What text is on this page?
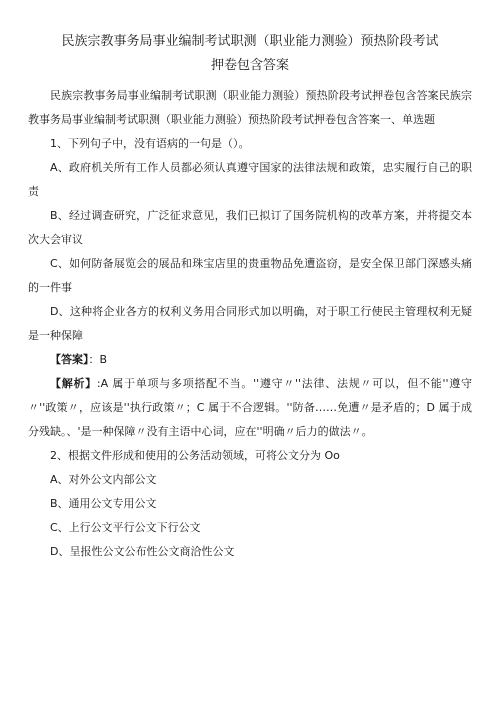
民族宗教事务局事业编制考试职测（职业能力测验）预热阶段考试
押卷包含答案

民族宗教事务局事业编制考试职测（职业能力测验）预热阶段考试押卷包含答案民族宗教事务局事业编制考试职测（职业能力测验）预热阶段考试押卷包含答案一、单选题

1、下列句子中，没有语病的一句是（）。

A、政府机关所有工作人员都必须认真遵守国家的法律法规和政策，忠实履行自己的职责

B、经过调查研究，广泛征求意见，我们已拟订了国务院机构的改革方案，并将提交本次大会审议

C、如何防备展览会的展品和珠宝店里的贵重物品免遭盗窃，是安全保卫部门深感头痛的一件事

D、这种将企业各方的权利义务用合同形式加以明确，对于职工行使民主管理权利无疑是一种保障

【答案】：B

【解析】:A 属于单项与多项搭配不当。''遵守〃''法律、法规〃可以，但不能''遵守〃''政策〃，应该是''执行政策〃；C 属于不合逻辑。''防备……免遭〃是矛盾的；D 属于成分残缺。、'是一种保障〃没有主语中心词，应在''明确〃后力的做法〃。

2、根据文件形成和使用的公务活动领域，可将公文分为 Oo

A、对外公文内部公文

B、通用公文专用公文

C、上行公文平行公文下行公文

D、呈报性公文公布性公文商洽性公文
